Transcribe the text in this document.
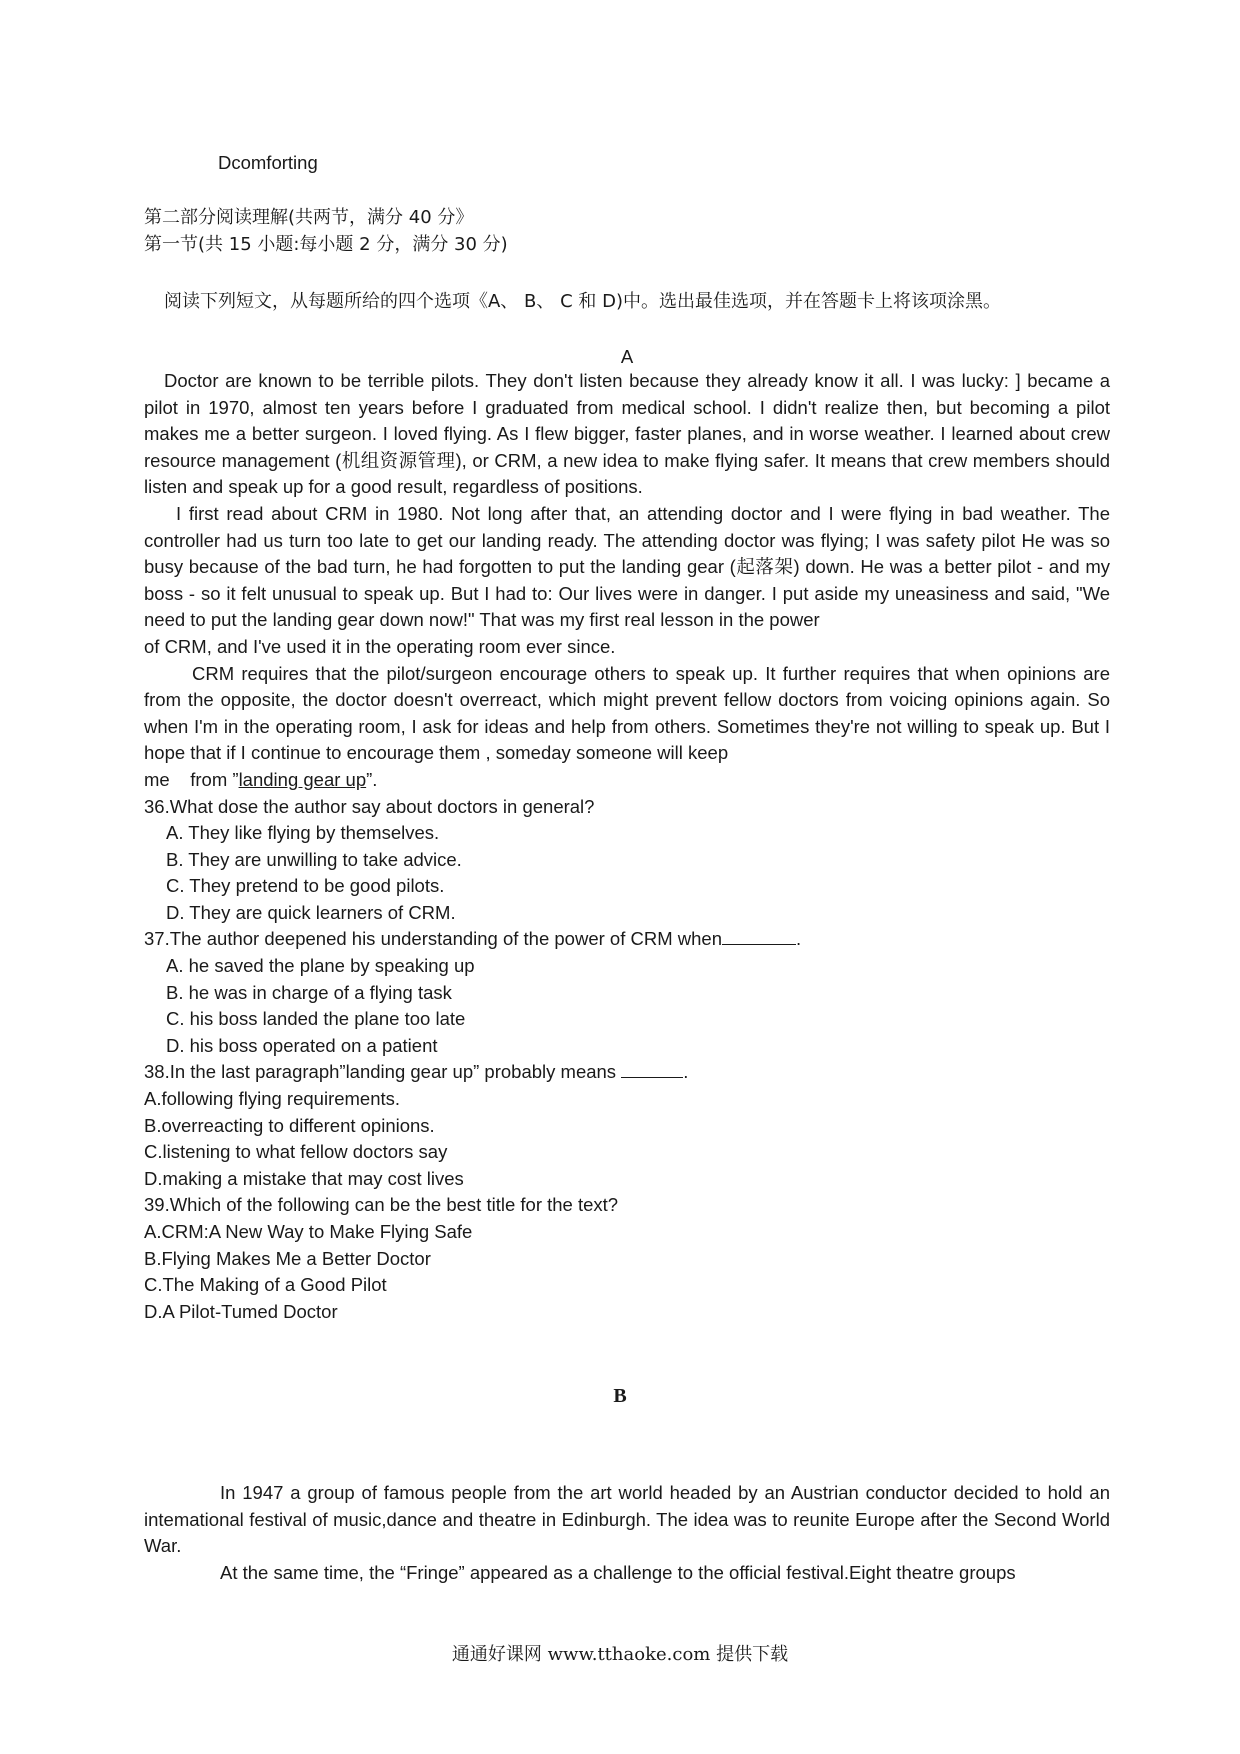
Dcomforting

第二部分阅读理解(共两节，满分 40 分》

第一节(共 15 小题:每小题 2 分，满分 30 分)

阅读下列短文，从每题所给的四个选项《A、 B、 C 和 D)中。选出最佳选项，并在答题卡上将该项涂黑。
A

Doctor are known to be terrible pilots. They don't listen because they already know it all. I was lucky: ] became a pilot in 1970, almost ten years before I graduated from medical school. I didn't realize then, but becoming a pilot makes me a better surgeon. I loved flying. As I flew bigger, faster planes, and in worse weather. I learned about crew resource management (机组资源管理), or CRM, a new idea to make flying safer. It means that crew members should listen and speak up for a good result, regardless of positions.

I first read about CRM in 1980. Not long after that, an attending doctor and I were flying in bad weather. The controller had us turn too late to get our landing ready. The attending doctor was flying; I was safety pilot He was so busy because of the bad turn, he had forgotten to put the landing gear (起落架) down. He was a better pilot - and my boss - so it felt unusual to speak up. But I had to: Our lives were in danger. I put aside my uneasiness and said, "We need to put the landing gear down now!" That was my first real lesson in the power

of CRM, and I've used it in the operating room ever since.

CRM requires that the pilot/surgeon encourage others to speak up. It further requires that when opinions are from the opposite, the doctor doesn't overreact, which might prevent fellow doctors from voicing opinions again. So when I'm in the operating room, I ask for ideas and help from others. Sometimes they're not willing to speak up. But I hope that if I continue to encourage them , someday someone will keep

me    from ”landing gear up”.

36.What dose the author say about doctors in general?

A. They like flying by themselves.

B. They are unwilling to take advice.

C. They pretend to be good pilots.

D. They are quick learners of CRM.

37.The author deepened his understanding of the power of CRM when	.

A. he saved the plane by speaking up

B. he was in charge of a flying task

C. his boss landed the plane too late

D. his boss operated on a patient

38.In the last paragraph”landing gear up” probably means	.

A.following flying requirements.

B.overreacting to different opinions.

C.listening to what fellow doctors say

D.making a mistake that may cost lives

39.Which of the following can be the best title for the text?

A.CRM:A New Way to Make Flying Safe

B.Flying Makes Me a Better Doctor

C.The Making of a Good Pilot

D.A Pilot-Tumed Doctor

B

In 1947 a group of famous people from the art world headed by an Austrian conductor decided to hold an intemational festival of music,dance and theatre in Edinburgh. The idea was to reunite Europe after the Second World War.

At the same time, the “Fringe” appeared as a challenge to the official festival.Eight theatre groups

通通好课网 www.tthaoke.com 提供下载
